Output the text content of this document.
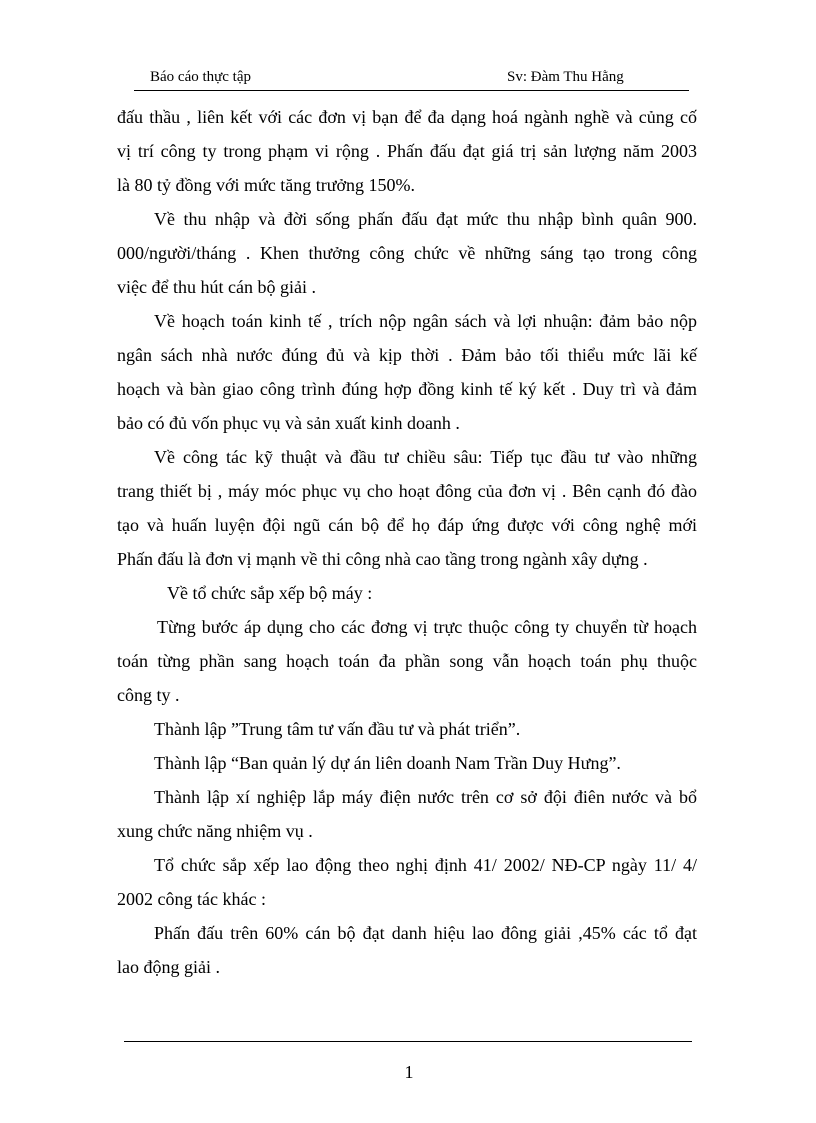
Báo cáo thực tập	Sv: Đàm Thu Hằng
đấu thầu , liên kết với các đơn vị bạn để đa dạng hoá ngành nghề và củng cố
vị trí công ty trong phạm vi rộng . Phấn đấu đạt giá trị sản lượng năm 2003
là 80 tỷ đồng với mức tăng trưởng 150%.
Về thu nhập và đời sống phấn đấu đạt mức thu nhập bình quân 900.
000/người/tháng . Khen thưởng công chức về những sáng tạo trong công
việc để thu hút cán bộ giải .
Về hoạch toán kinh tế , trích nộp ngân sách và lợi nhuận: đảm bảo nộp
ngân sách nhà nước đúng đủ và kịp thời . Đảm bảo tối thiểu mức lãi kế
hoạch và bàn giao công trình đúng hợp đồng kinh tế ký kết . Duy trì và đảm
bảo có đủ vốn phục vụ và sản xuất kinh doanh .
Về công tác kỹ thuật và đầu tư chiều sâu: Tiếp tục đầu tư vào những
trang thiết bị , máy móc phục vụ cho hoạt đông của đơn vị . Bên cạnh đó đào
tạo và huấn luyện đội ngũ cán bộ để họ đáp ứng được với công nghệ mới
Phấn đấu là đơn vị mạnh về thi công nhà cao tầng trong ngành xây dựng .
Về tổ chức sắp xếp bộ máy :
Từng bước áp dụng cho các đơng vị trực thuộc công ty chuyển từ hoạch
toán từng phần sang hoạch toán đa phần song vẫn hoạch toán phụ thuộc
công ty .
Thành lập ”Trung tâm tư vấn đầu tư và phát triển”.
Thành lập “Ban quản lý dự án liên doanh Nam Trần Duy Hưng”.
Thành lập xí nghiệp lắp máy điện nước trên cơ sở đội điên nước và bổ
xung chức năng nhiệm vụ .
Tổ chức sắp xếp lao động theo nghị định 41/ 2002/ NĐ-CP ngày 11/ 4/
2002 công tác khác :
Phấn đấu trên 60% cán bộ đạt danh hiệu lao đông giải ,45% các tổ đạt
lao động giải .
1
